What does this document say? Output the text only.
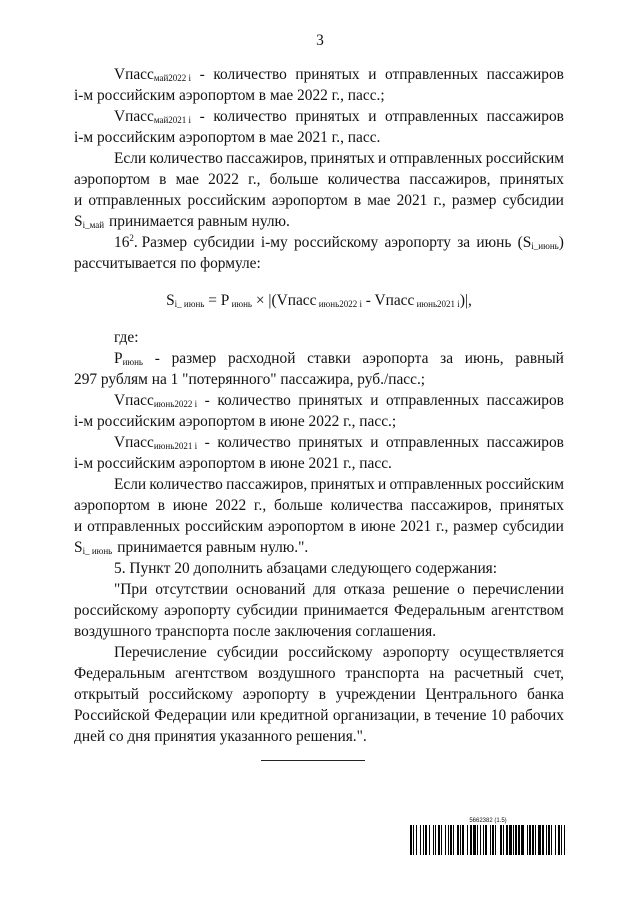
3
Vпасс$_{май2022 i}$ - количество принятых и отправленных пассажиров
i-м российским аэропортом в мае 2022 г., пасс.;
Vпасс$_{май2021 i}$ - количество принятых и отправленных пассажиров
i-м российским аэропортом в мае 2021 г., пасс.
Если количество пассажиров, принятых и отправленных российским
аэропортом в мае 2022 г., больше количества пассажиров, принятых
и отправленных российским аэропортом в мае 2021 г., размер субсидии
$S_{i\_май}$ принимается равным нулю.
$16^2$. Размер субсидии i-му российскому аэропорту за июнь $(S_{i\_июнь})$
рассчитывается по формуле:
$S_{i\_ июнь} = P$ $_{июнь}$ × |(Vпасс $_{июнь2022 i}$ - Vпасс $_{июнь2021 i}$)|,
где:
$P_{июнь}$ - размер расходной ставки аэропорта за июнь, равный
297 рублям на 1 "потерянного" пассажира, руб./пасс.;
Vпасс$_{июнь2022 i}$ - количество принятых и отправленных пассажиров
i-м российским аэропортом в июне 2022 г., пасс.;
Vпасс$_{июнь2021 i}$ - количество принятых и отправленных пассажиров
i-м российским аэропортом в июне 2021 г., пасс.
Если количество пассажиров, принятых и отправленных российским
аэропортом в июне 2022 г., больше количества пассажиров, принятых
и отправленных российским аэропортом в июне 2021 г., размер субсидии
$S_{i\_ июнь}$ принимается равным нулю.".
5. Пункт 20 дополнить абзацами следующего содержания:
"При отсутствии оснований для отказа решение о перечислении
российскому аэропорту субсидии принимается Федеральным агентством
воздушного транспорта после заключения соглашения.
Перечисление субсидии российскому аэропорту осуществляется
Федеральным агентством воздушного транспорта на расчетный счет,
открытый российскому аэропорту в учреждении Центрального банка
Российской Федерации или кредитной организации, в течение 10 рабочих
дней со дня принятия указанного решения.".
5662382 (1.5)
